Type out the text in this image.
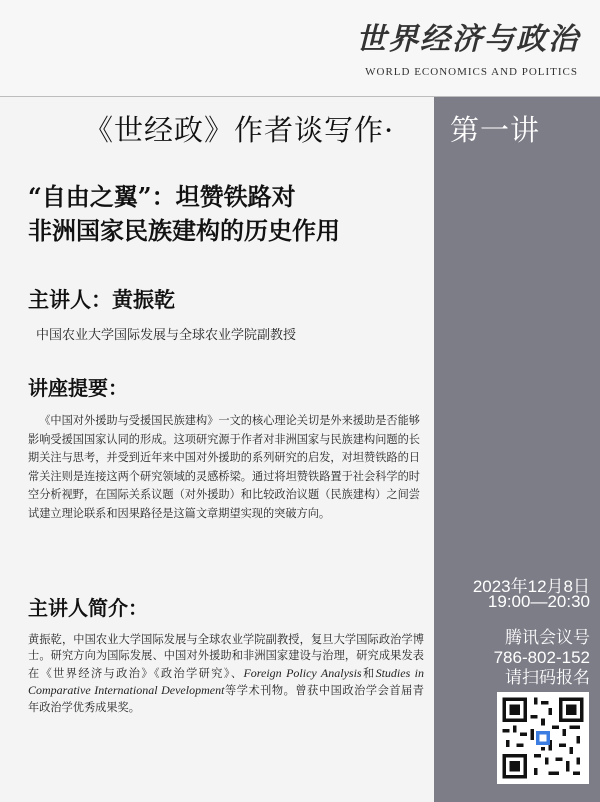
世界经济与政治
WORLD ECONOMICS AND POLITICS
《世经政》作者谈写作· 第一讲
“自由之翼”：坦赞铁路对
非洲国家民族建构的历史作用
主讲人：黄振乾
中国农业大学国际发展与全球农业学院副教授
讲座提要：
《中国对外援助与受援国民族建构》一文的核心理论关切是外来援助是否能够影响受援国国家认同的形成。这项研究源于作者对非洲国家与民族建构问题的长期关注与思考，并受到近年来中国对外援助的系列研究的启发，对坦赞铁路的日常关注则是连接这两个研究领域的灵感桥梁。通过将坦赞铁路置于社会科学的时空分析视野，在国际关系议题（对外援助）和比较政治议题（民族建构）之间尝试建立理论联系和因果路径是这篇文章期望实现的突破方向。
主讲人简介：
黄振乾，中国农业大学国际发展与全球农业学院副教授，复旦大学国际政治学博士。研究方向为国际发展、中国对外援助和非洲国家建设与治理，研究成果发表在《世界经济与政治》《政治学研究》、Foreign Policy Analysis和Studies in Comparative International Development等学术刊物。曾获中国政治学会首届青年政治学优秀成果奖。
2023年12月8日
19:00—20:30
腾讯会议号
786-802-152
请扫码报名
